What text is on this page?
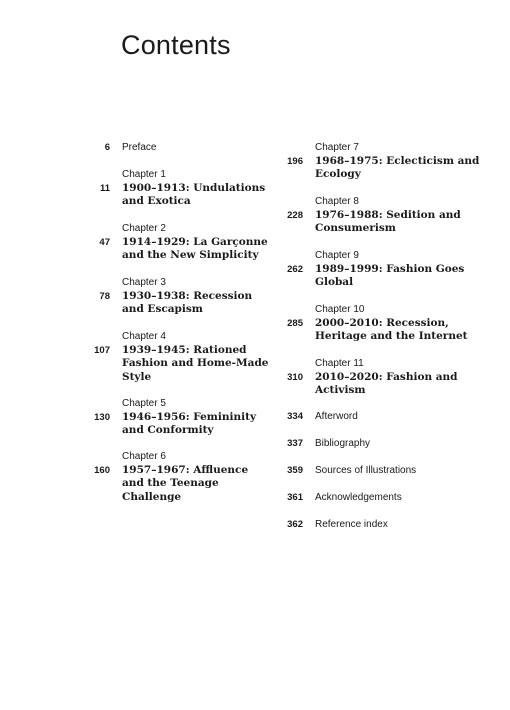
Contents
6 Preface
11
Chapter 1
1900–1913: Undulations and Exotica
47
Chapter 2
1914–1929: La Garçonne and the New Simplicity
78
Chapter 3
1930–1938: Recession and Escapism
107
Chapter 4
1939–1945: Rationed Fashion and Home-Made Style
130
Chapter 5
1946–1956: Femininity and Conformity
160
Chapter 6
1957–1967: Affluence and the Teenage Challenge
196
Chapter 7
1968–1975: Eclecticism and Ecology
228
Chapter 8
1976–1988: Sedition and Consumerism
262
Chapter 9
1989–1999: Fashion Goes Global
285
Chapter 10
2000–2010: Recession, Heritage and the Internet
310
Chapter 11
2010–2020: Fashion and Activism
334 Afterword
337 Bibliography
359 Sources of Illustrations
361 Acknowledgements
362 Reference index
